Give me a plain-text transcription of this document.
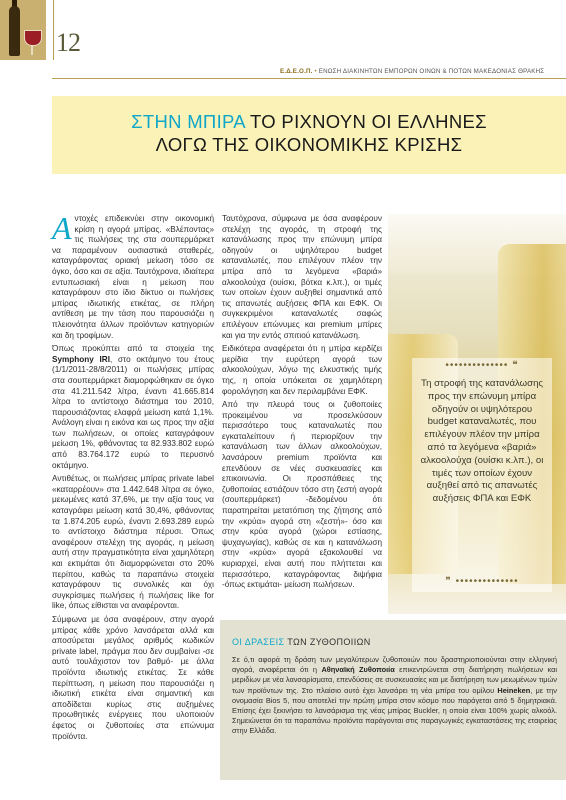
12
Ε.Δ.Ε.Ο.Π. • ΕΝΩΣΗ ΔΙΑΚΙΝΗΤΩΝ ΕΜΠΟΡΩΝ ΟΙΝΩΝ & ΠΟΤΩΝ ΜΑΚΕΔΟΝΙΑΣ ΘΡΑΚΗΣ
ΣΤΗΝ ΜΠΙΡΑ ΤΟ ΡΙΧΝΟΥΝ ΟΙ ΕΛΛΗΝΕΣ
ΛΟΓΩ ΤΗΣ ΟΙΚΟΝΟΜΙΚΗΣ ΚΡΙΣΗΣ

Αντοχές επιδεικνύει στην οικονομική κρίση η αγορά μπίρας. «Βλέποντας» τις πωλήσεις της στα σουπερμάρκετ να παραμένουν ουσιαστικά σταθερές, καταγράφοντας οριακή μείωση τόσο σε όγκο, όσο και σε αξία. Ταυτόχρονα, ιδιαίτερα εντυπωσιακή είναι η μείωση που καταγράφουν στο ίδιο δίκτυο οι πωλήσεις μπίρας ιδιωτικής ετικέτας, σε πλήρη αντίθεση με την τάση που παρουσιάζει η πλειονότητα άλλων προϊόντων κατηγοριών και δη τροφίμων.

Όπως προκύπτει από τα στοιχεία της Symphony IRI, στο οκτάμηνο του έτους (1/1/2011-28/8/2011) οι πωλήσεις μπίρας στα σουπερμάρκετ διαμορφώθηκαν σε όγκο στα 41.211.542 λίτρα, έναντι 41.665.814 λίτρα το αντίστοιχο διάστημα του 2010, παρουσιάζοντας ελαφρά μείωση κατά 1,1%. Ανάλογη είναι η εικόνα και ως προς την αξία των πωλήσεων, οι οποίες καταγράφουν μείωση 1%, φθάνοντας τα 82.933.802 ευρώ από 83.764.172 ευρώ το περυσινό οκτάμηνο.

Αντιθέτως, οι πωλήσεις μπίρας private label «καταρρέουν» στα 1.442.648 λίτρα σε όγκο, μειωμένες κατά 37,6%, με την αξία τους να καταγράφει μείωση κατά 30,4%, φθάνοντας τα 1.874.205 ευρώ, έναντι 2.693.289 ευρώ το αντίστοιχο διάστημα πέρυσι. Όπως αναφέρουν στελέχη της αγοράς, η μείωση αυτή στην πραγματικότητα είναι χαμηλότερη και εκτιμάται ότι διαμορφώνεται στο 20% περίπου, καθώς τα παραπάνω στοιχεία καταγράφουν τις συνολικές και όχι συγκρίσιμες πωλήσεις ή πωλήσεις like for like, όπως είθισται να αναφέρονται.

Σύμφωνα με όσα αναφέρουν, στην αγορά μπίρας κάθε χρόνο λανσάρεται αλλά και αποσύρεται μεγάλος αριθμός κωδικών private label, πράγμα που δεν συμβαίνει -σε αυτό τουλάχιστον τον βαθμό- με άλλα προϊόντα ιδιωτικής ετικέτας. Σε κάθε περίπτωση, η μείωση που παρουσιάζει η ιδιωτική ετικέτα είναι σημαντική και αποδίδεται κυρίως στις αυξημένες προωθητικές ενέργειες που υλοποιούν έφετος οι ζυθοποιίες στα επώνυμα προϊόντα.

Ταυτόχρονα, σύμφωνα με όσα αναφέρουν στελέχη της αγοράς, τη στροφή της κατανάλωσης προς την επώνυμη μπίρα οδηγούν οι υψηλότερου budget καταναλωτές, που επιλέγουν πλέον την μπίρα από τα λεγόμενα «βαριά» αλκοολούχα (ουίσκι, βότκα κ.λπ.), οι τιμές των οποίων έχουν αυξηθεί σημαντικά από τις απανωτές αυξήσεις ΦΠΑ και ΕΦΚ. Οι συγκεκριμένοι καταναλωτές σαφώς επιλέγουν επώνυμες και premium μπίρες και για την εντός σπιτιού κατανάλωση.

Ειδικότερα αναφέρεται ότι η μπίρα κερδίζει μερίδια την ευρύτερη αγορά των αλκοολούχων, λόγω της ελκυστικής τιμής της, η οποία υπόκειται σε χαμηλότερη φορολόγηση και δεν περιλαμβάνει ΕΦΚ.

Από την πλευρά τους οι ζυθοποιίες προκειμένου να προσελκύσουν περισσότερο τους καταναλωτές που εγκαταλείπουν ή περιορίζουν την κατανάλωση των άλλων αλκοολούχων, λανσάρουν premium προϊόντα και επενδύουν σε νέες συσκευασίες και επικοινωνία. Οι προσπάθειες της ζυθοποιίας εστιάζουν τόσο στη ζεστή αγορά (σουπερμάρκετ) -δεδομένου ότι παρατηρείται μετατόπιση της ζήτησης από την «κρύα» αγορά στη «ζεστή»- όσο και στην κρύα αγορά (χώροι εστίασης, ψυχαγωγίας), καθώς σε και η κατανάλωση στην «κρύα» αγορά εξακολουθεί να κυριαρχεί, είναι αυτή που πλήττεται και περισσότερο, καταγράφοντας διψήφια -όπως εκτιμάται- μείωση πωλήσεων.

•••••••••••••• ❝
Τη στροφή της κατανάλωσης προς την επώνυμη μπίρα οδηγούν οι υψηλότερου budget καταναλωτές, που επιλέγουν πλέον την μπίρα από τα λεγόμενα «βαριά» αλκοολούχα (ουίσκι κ.λπ.), οι τιμές των οποίων έχουν αυξηθεί από τις απανωτές αυξήσεις ΦΠΑ και ΕΦΚ
❞ ••••••••••••••
ΟΙ ΔΡΑΣΕΙΣ ΤΩΝ ΖΥΘΟΠΟΙΙΩΝ
Σε ό,τι αφορά τη δράση των μεγαλύτερων ζυθοποιιών που δραστηριοποιούνται στην ελληνική αγορά, αναφέρεται ότι η Αθηναϊκή Ζυθοποιία επικεντρώνεται στη διατήρηση πωλήσεων και μεριδίων με νέα λανσαρίσματα, επενδύσεις σε συσκευασίες και με διατήρηση των μειωμένων τιμών των προϊόντων της. Στο πλαίσιο αυτό έχει λανσάρει τη νέα μπίρα του ομίλου Heineken, με την ονομασία Bios 5, που αποτελεί την πρώτη μπίρα στον κόσμο που παράγεται από 5 δημητριακά. Επίσης έχει ξεκινήσει το λανσάρισμα της νέας μπίρας Buckler, η οποία είναι 100% χωρίς αλκοόλ. Σημειώνεται ότι τα παραπάνω προϊόντα παράγονται στις παραγωγικές εγκαταστάσεις της εταιρείας στην Ελλάδα.
